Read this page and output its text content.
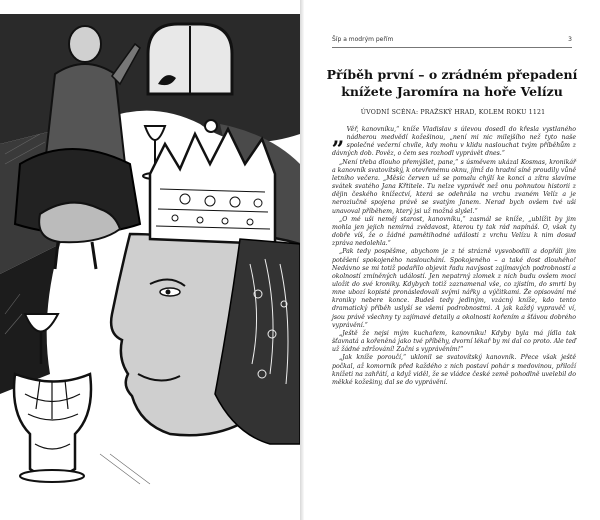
Šíp a modrým peřím	3
Příběh první – o zrádném přepadení
knížete Jaromíra na hoře Velízu
ÚVODNÍ SCÉNA: PRAŽSKÝ HRAD, KOLEM ROKU 1121

„ Věř, kanovníku,“ kníže Vladislav s úlevou dosedl do křesla vystlaného nádherou medvědí kožešinou, „není mi nic milejšího než tyto naše společné večerní chvíle, kdy mohu v klidu naslouchat tvým příběhům z dávných dob. Pověz, o čem ses rozhodl vyprávět dnes.“

„Není třeba dlouho přemýšlet, pane,“ s úsměvem ukázal Kosmas, kronikář a kanovník svatovítský, k otevřenému oknu, jímž do hradní síně proudily vůně letního večera. „Měsíc červen už se pomalu chýlí ke konci a zítra slavíme svátek svatého Jana Křtitele. Tu nelze vyprávět než onu pohnutou historii z dějin českého knížectví, která se odehrála na vrchu zvaném Velíz a je neroziučně spojena právě se svatým Janem. Nerad bych ovšem tvé uši unavoval příběhem, který jsi už možná slyšel.“

„O mé uši neměj starost, kanovníku,“ zasmál se kníže, „ublížit by jim mohla jen jejich nemírná zvědavost, kterou ty tak rád napínáš. O, však ty dobře víš, že o žádné pamětihodné události z vrchu Velízu k nim dosud zpráva nedolehla.“

„Pak tedy pospěšme, abychom je z té strázně vysvobodili a dopřáli jim potěšení spokojeného naslouchání. Spokojeného – a také dost dlouhého! Nedávno se mi totiž podařilo objevit řadu navýsost zajímavých podrobností a okolností zmíněných událostí. Jen nepatrný zlomek z nich budu ovšem moci uložit do své kroniky. Kdybych totiž zaznamenal vše, co zjistím, do smrti by mne ubozí kopisté pronásledovali svými nářky a výčitkami. Že opisování mé kroniky nebere konce. Budeš tedy jediným, vzácný kníže, kdo tento dramatický příběh uslyší se všemi podrobnostmi. A jak každý vypravěč ví, jsou právě všechny ty zajímavé detaily a okolnosti kořením a šťávou dobrého vyprávění.“

„Ještě že nejsi mým kuchařem, kanovníku! Kdyby byla má jídla tak šťavnatá a kořeněná jako tvé příběhy, dvorní lékař by mi dal co proto. Ale teď už žádné zdržování! Začni s vyprávěním!“

„Jak kníže poroučí,“ uklonil se svatovítský kanovník. Přece však ještě počkal, až komorník před každého z nich postaví pohár s medovinou, přiloží knížeti na zahřátí, a když viděl, že se vládce české země pohodlně uvelebil do měkké kožešiny, dal se do vyprávění.
